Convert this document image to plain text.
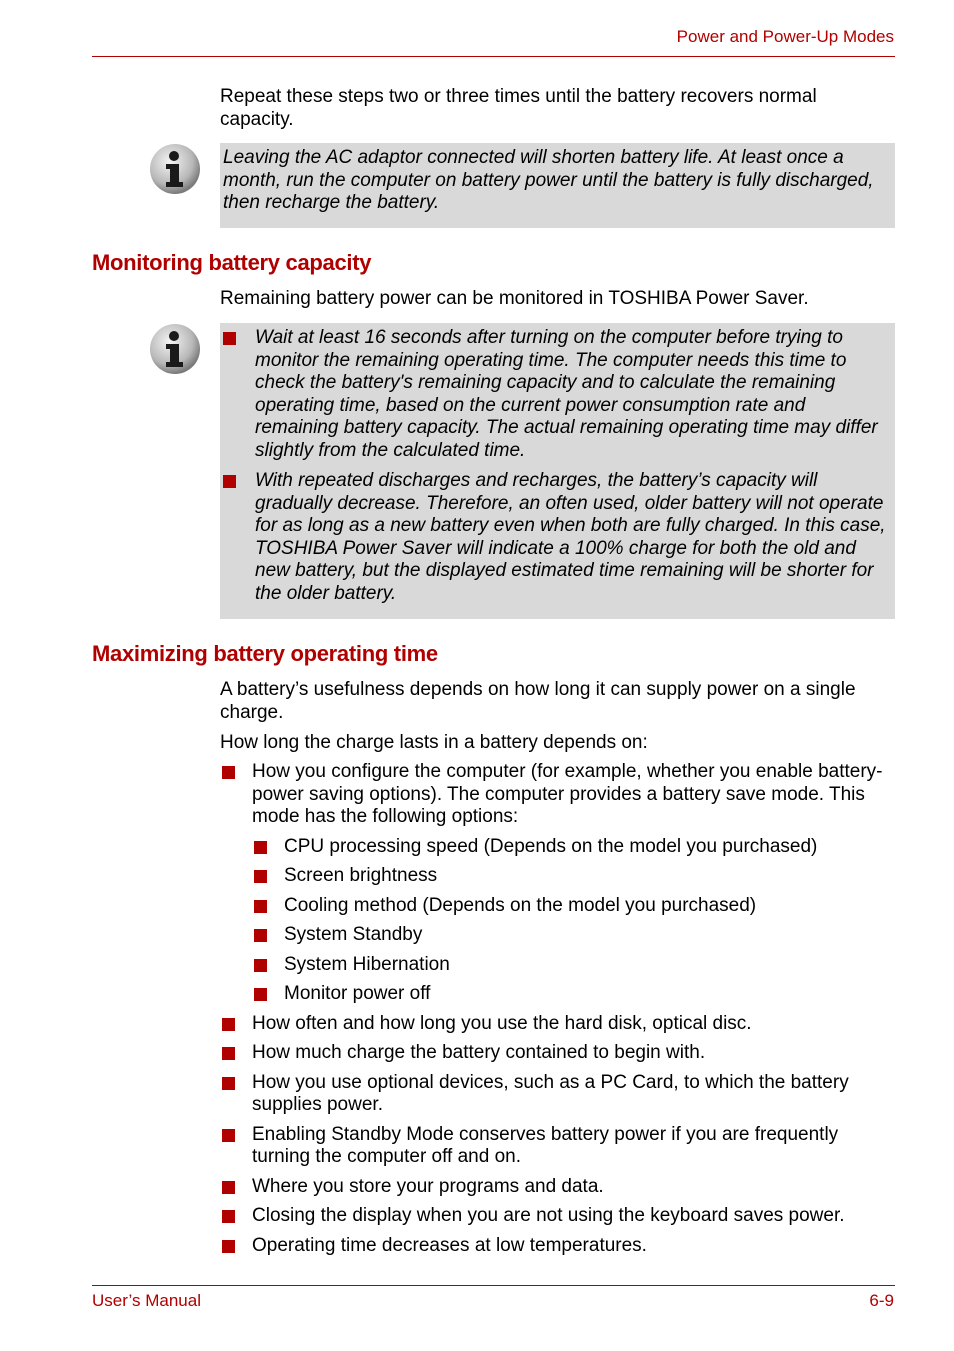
Power and Power-Up Modes
Repeat these steps two or three times until the battery recovers normal capacity.

Leaving the AC adaptor connected will shorten battery life. At least once a month, run the computer on battery power until the battery is fully discharged, then recharge the battery.

Monitoring battery capacity
Remaining battery power can be monitored in TOSHIBA Power Saver.
Wait at least 16 seconds after turning on the computer before trying to monitor the remaining operating time. The computer needs this time to check the battery's remaining capacity and to calculate the remaining operating time, based on the current power consumption rate and remaining battery capacity. The actual remaining operating time may differ slightly from the calculated time.
With repeated discharges and recharges, the battery’s capacity will gradually decrease. Therefore, an often used, older battery will not operate for as long as a new battery even when both are fully charged. In this case, TOSHIBA Power Saver will indicate a 100% charge for both the old and new battery, but the displayed estimated time remaining will be shorter for the older battery.
Maximizing battery operating time
A battery’s usefulness depends on how long it can supply power on a single charge.
How long the charge lasts in a battery depends on:
How you configure the computer (for example, whether you enable battery-power saving options). The computer provides a battery save mode. This mode has the following options:
CPU processing speed (Depends on the model you purchased)
Screen brightness
Cooling method (Depends on the model you purchased)
System Standby
System Hibernation
Monitor power off
How often and how long you use the hard disk, optical disc.
How much charge the battery contained to begin with.
How you use optional devices, such as a PC Card, to which the battery supplies power.
Enabling Standby Mode conserves battery power if you are frequently turning the computer off and on.
Where you store your programs and data.
Closing the display when you are not using the keyboard saves power.
Operating time decreases at low temperatures.
User’s Manual	6-9
